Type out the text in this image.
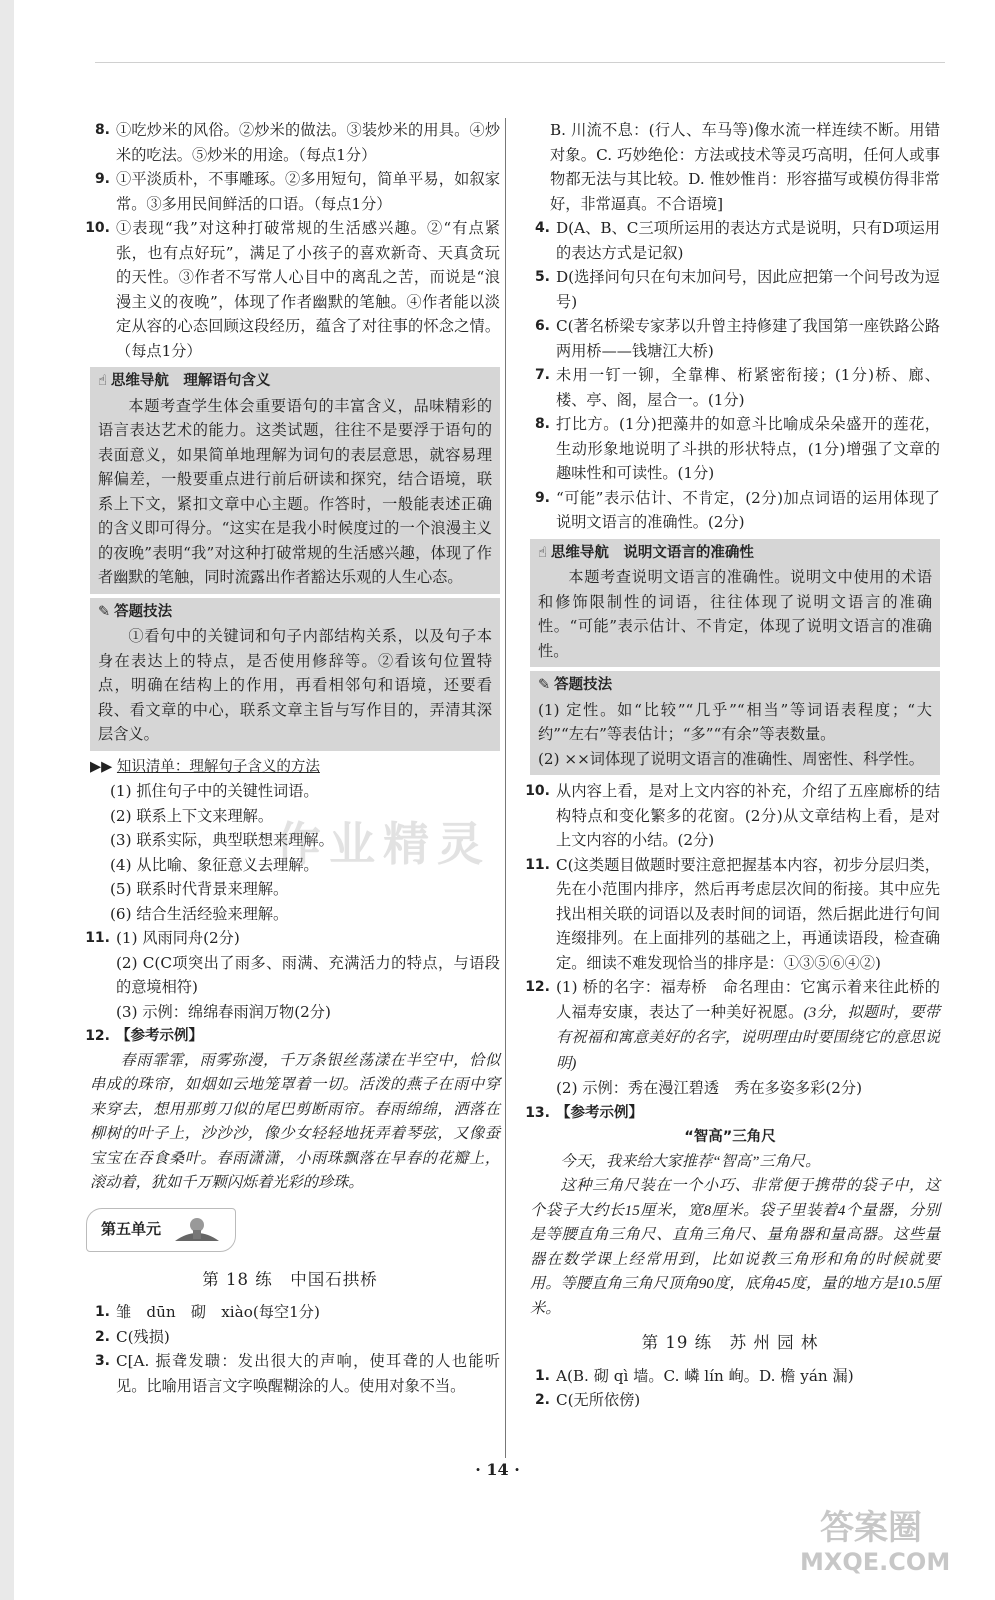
8. ①吃炒米的风俗。②炒米的做法。③装炒米的用具。④炒米的吃法。⑤炒米的用途。（每点1分）
9. ①平淡质朴，不事雕琢。②多用短句，简单平易，如叙家常。③多用民间鲜活的口语。（每点1分）
10. ①表现“我”对这种打破常规的生活感兴趣。②“有点紧张，也有点好玩”，满足了小孩子的喜欢新奇、天真贪玩的天性。③作者不写常人心目中的离乱之苦，而说是“浪漫主义的夜晚”，体现了作者幽默的笔触。④作者能以淡定从容的心态回顾这段经历，蕴含了对往事的怀念之情。（每点1分）
☝ 思维导航　理解语句含义
本题考查学生体会重要语句的丰富含义，品味精彩的语言表达艺术的能力。这类试题，往往不是要浮于语句的表面意义，如果简单地理解为词句的表层意思，就容易理解偏差，一般要重点进行前后研读和探究，结合语境，联系上下文，紧扣文章中心主题。作答时，一般能表述正确的含义即可得分。“这实在是我小时候度过的一个浪漫主义的夜晚”表明“我”对这种打破常规的生活感兴趣，体现了作者幽默的笔触，同时流露出作者豁达乐观的人生心态。
✎ 答题技法
①看句中的关键词和句子内部结构关系，以及句子本身在表达上的特点，是否使用修辞等。②看该句位置特点，明确在结构上的作用，再看相邻句和语境，还要看段、看文章的中心，联系文章主旨与写作目的，弄清其深层含义。
▶▶ 知识清单：理解句子含义的方法
(1) 抓住句子中的关键性词语。
(2) 联系上下文来理解。
(3) 联系实际，典型联想来理解。
(4) 从比喻、象征意义去理解。
(5) 联系时代背景来理解。
(6) 结合生活经验来理解。
11. (1) 风雨同舟(2分)
(2) C(C项突出了雨多、雨满、充满活力的特点，与语段的意境相符)
(3) 示例：绵绵春雨润万物(2分)
12. 【参考示例】
春雨霏霏，雨雾弥漫，千万条银丝荡漾在半空中，恰似串成的珠帘，如烟如云地笼罩着一切。活泼的燕子在雨中穿来穿去，想用那剪刀似的尾巴剪断雨帘。春雨绵绵，洒落在柳树的叶子上，沙沙沙，像少女轻轻地抚弄着琴弦，又像蚕宝宝在吞食桑叶。春雨潇潇，小雨珠飘落在早春的花瓣上，滚动着，犹如千万颗闪烁着光彩的珍珠。
第五单元
第 18 练　中国石拱桥
1. 雏　dūn　砌　xiào(每空1分)
2. C(残损)
3. C[A. 振聋发聩：发出很大的声响，使耳聋的人也能听见。比喻用语言文字唤醒糊涂的人。使用对象不当。
B. 川流不息：(行人、车马等)像水流一样连续不断。用错对象。C. 巧妙绝伦：方法或技术等灵巧高明，任何人或事物都无法与其比较。D. 惟妙惟肖：形容描写或模仿得非常好，非常逼真。不合语境]
4. D(A、B、C三项所运用的表达方式是说明，只有D项运用的表达方式是记叙)
5. D(选择问句只在句末加问号，因此应把第一个问号改为逗号)
6. C(著名桥梁专家茅以升曾主持修建了我国第一座铁路公路两用桥——钱塘江大桥)
7. 未用一钉一铆，全靠榫、桁紧密衔接；(1分)桥、廊、楼、亭、阁，屋合一。(1分)
8. 打比方。(1分)把藻井的如意斗比喻成朵朵盛开的莲花，生动形象地说明了斗拱的形状特点，(1分)增强了文章的趣味性和可读性。(1分)
9. “可能”表示估计、不肯定，(2分)加点词语的运用体现了说明文语言的准确性。(2分)
☝ 思维导航　说明文语言的准确性
本题考查说明文语言的准确性。说明文中使用的术语和修饰限制性的词语，往往体现了说明文语言的准确性。“可能”表示估计、不肯定，体现了说明文语言的准确性。
✎ 答题技法
(1) 定性。如“比较”“几乎”“相当”等词语表程度；“大约”“左右”等表估计；“多”“有余”等表数量。
(2) ××词体现了说明文语言的准确性、周密性、科学性。
10. 从内容上看，是对上文内容的补充，介绍了五座廊桥的结构特点和变化繁多的花窗。(2分)从文章结构上看，是对上文内容的小结。(2分)
11. C(这类题目做题时要注意把握基本内容，初步分层归类，先在小范围内排序，然后再考虑层次间的衔接。其中应先找出相关联的词语以及表时间的词语，然后据此进行句间连缀排列。在上面排列的基础之上，再通读语段，检查确定。细读不难发现恰当的排序是：①③⑤⑥④②)
12. (1) 桥的名字：福寿桥　命名理由：它寓示着来往此桥的人福寿安康，表达了一种美好祝愿。(3分，拟题时，要带有祝福和寓意美好的名字，说明理由时要围绕它的意思说明)
(2) 示例：秀在漫江碧透　秀在多姿多彩(2分)
13. 【参考示例】
“智高”三角尺
今天，我来给大家推荐“智高”三角尺。
这种三角尺装在一个小巧、非常便于携带的袋子中，这个袋子大约长15厘米，宽8厘米。袋子里装着4个量器，分别是等腰直角三角尺、直角三角尺、量角器和量高器。这些量器在数学课上经常用到，比如说教三角形和角的时候就要用。等腰直角三角尺顶角90度，底角45度，量的地方是10.5厘米。
第 19 练　苏 州 园 林
1. A(B. 砌 qì 墙。C. 嶙 lín 峋。D. 檐 yán 漏)
2. C(无所依傍)
· 14 ·
作业精灵
答案圈
MXQE.COM
